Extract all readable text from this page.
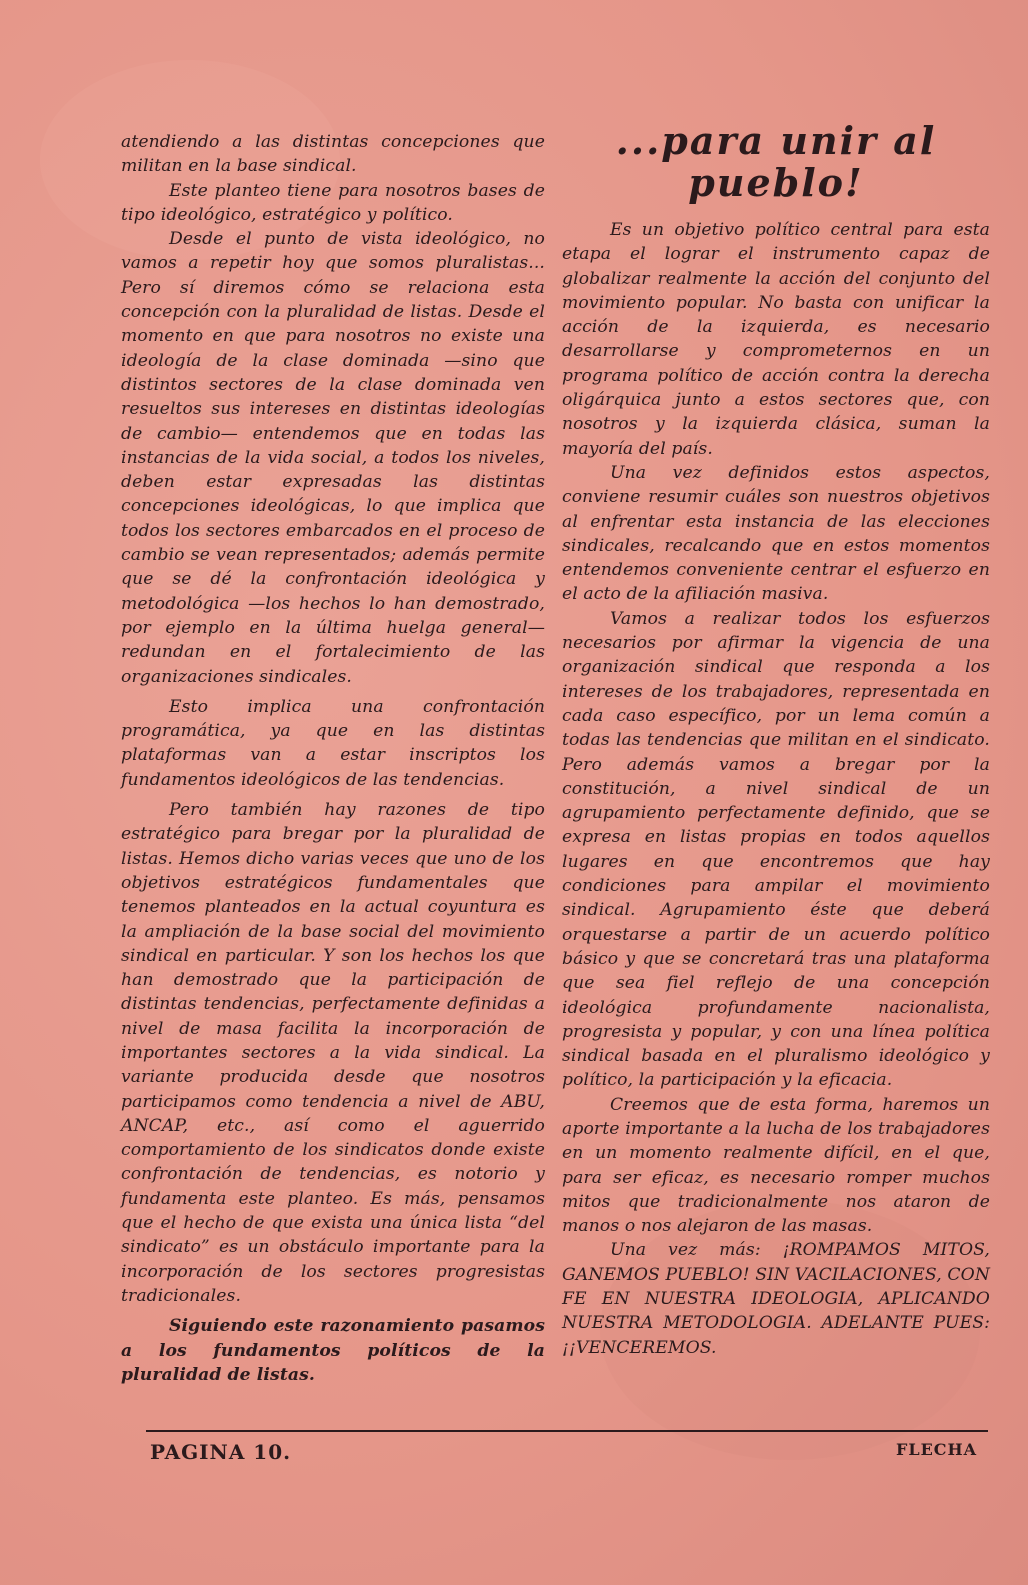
atendiendo a las distintas concepciones que militan en la base sindical.

Este planteo tiene para nosotros bases de tipo ideológico, estratégico y político.

Desde el punto de vista ideológico, no vamos a repetir hoy que somos pluralistas... Pero sí diremos cómo se relaciona esta concepción con la pluralidad de listas. Desde el momento en que para nosotros no existe una ideología de la clase dominada —sino que distintos sectores de la clase dominada ven resueltos sus intereses en distintas ideologías de cambio— entendemos que en todas las instancias de la vida social, a todos los niveles, deben estar expresadas las distintas concepciones ideológicas, lo que implica que todos los sectores embarcados en el proceso de cambio se vean representados; además permite que se dé la confrontación ideológica y metodológica —los hechos lo han demostrado, por ejemplo en la última huelga general— redundan en el fortalecimiento de las organizaciones sindicales.

Esto implica una confrontación programática, ya que en las distintas plataformas van a estar inscriptos los fundamentos ideológicos de las tendencias.

Pero también hay razones de tipo estratégico para bregar por la pluralidad de listas. Hemos dicho varias veces que uno de los objetivos estratégicos fundamentales que tenemos planteados en la actual coyuntura es la ampliación de la base social del movimiento sindical en particular. Y son los hechos los que han demostrado que la participación de distintas tendencias, perfectamente definidas a nivel de masa facilita la incorporación de importantes sectores a la vida sindical. La variante producida desde que nosotros participamos como tendencia a nivel de ABU, ANCAP, etc., así como el aguerrido comportamiento de los sindicatos donde existe confrontación de tendencias, es notorio y fundamenta este planteo. Es más, pensamos que el hecho de que exista una única lista “del sindicato” es un obstáculo importante para la incorporación de los sectores progresistas tradicionales.

Siguiendo este razonamiento pasamos a los fundamentos políticos de la pluralidad de listas.

...para unir al pueblo!

Es un objetivo político central para esta etapa el lograr el instrumento capaz de globalizar realmente la acción del conjunto del movimiento popular. No basta con unificar la acción de la izquierda, es necesario desarrollarse y comprometernos en un programa político de acción contra la derecha oligárquica junto a estos sectores que, con nosotros y la izquierda clásica, suman la mayoría del país.

Una vez definidos estos aspectos, conviene resumir cuáles son nuestros objetivos al enfrentar esta instancia de las elecciones sindicales, recalcando que en estos momentos entendemos conveniente centrar el esfuerzo en el acto de la afiliación masiva.

Vamos a realizar todos los esfuerzos necesarios por afirmar la vigencia de una organización sindical que responda a los intereses de los trabajadores, representada en cada caso específico, por un lema común a todas las tendencias que militan en el sindicato. Pero además vamos a bregar por la constitución, a nivel sindical de un agrupamiento perfectamente definido, que se expresa en listas propias en todos aquellos lugares en que encontremos que hay condiciones para ampilar el movimiento sindical. Agrupamiento éste que deberá orquestarse a partir de un acuerdo político básico y que se concretará tras una plataforma que sea fiel reflejo de una concepción ideológica profundamente nacionalista, progresista y popular, y con una línea política sindical basada en el pluralismo ideológico y político, la participación y la eficacia.

Creemos que de esta forma, haremos un aporte importante a la lucha de los trabajadores en un momento realmente difícil, en el que, para ser eficaz, es necesario romper muchos mitos que tradicionalmente nos ataron de manos o nos alejaron de las masas.

Una vez más: ¡ROMPAMOS MITOS, GANEMOS PUEBLO! SIN VACILACIONES, CON FE EN NUESTRA IDEOLOGIA, APLICANDO NUESTRA METODOLOGIA. ADELANTE PUES: ¡¡VENCEREMOS.

PAGINA 10.	FLECHA
